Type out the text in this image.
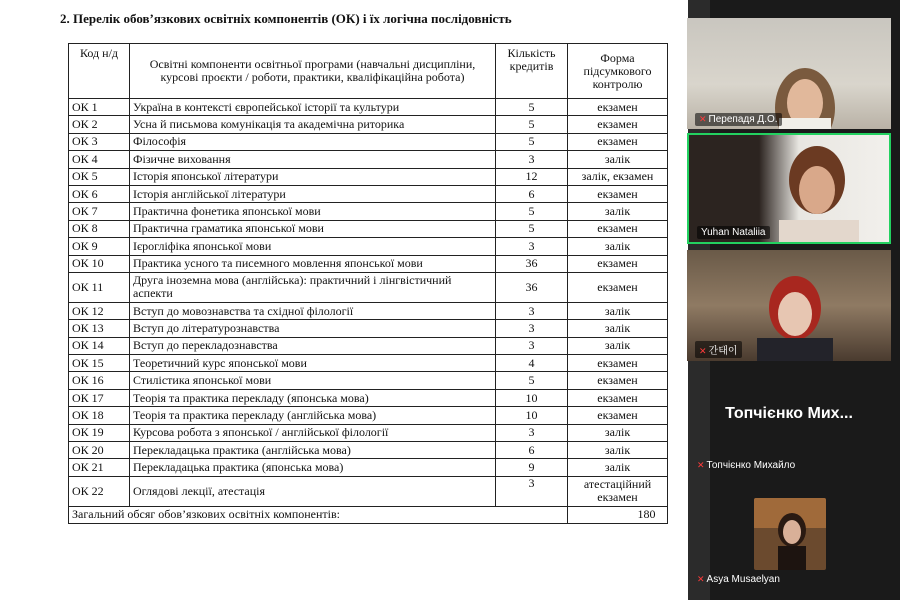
2. Перелік обов’язкових освітніх компонентів (ОК) і їх логічна послідовність
Код н/д	Освітні компоненти освітньої програми (навчальні дисципліни, курсові проєкти / роботи, практики, кваліфікаційна робота)	Кількість кредитів	Форма підсумкового контролю
ОК 1	Україна в контексті європейської історії та культури	5	екзамен
ОК 2	Усна й письмова комунікація та академічна риторика	5	екзамен
ОК 3	Філософія	5	екзамен
ОК 4	Фізичне виховання	3	залік
ОК 5	Історія японської літератури	12	залік, екзамен
ОК 6	Історія англійської літератури	6	екзамен
ОК 7	Практична фонетика японської мови	5	залік
ОК 8	Практична граматика японської мови	5	екзамен
ОК 9	Ієрогліфіка японської мови	3	залік
ОК 10	Практика усного та писемного мовлення японської мови	36	екзамен
ОК 11	Друга іноземна мова (англійська): практичний і лінгвістичний аспекти	36	екзамен
ОК 12	Вступ до мовознавства та східної філології	3	залік
ОК 13	Вступ до літературознавства	3	залік
ОК 14	Вступ до перекладознавства	3	залік
ОК 15	Теоретичний курс японської мови	4	екзамен
ОК 16	Стилістика японської мови	5	екзамен
ОК 17	Теорія та практика перекладу (японська мова)	10	екзамен
ОК 18	Теорія та практика перекладу (англійська мова)	10	екзамен
ОК 19	Курсова робота з японської / англійської філології	3	залік
ОК 20	Перекладацька практика (англійська мова)	6	залік
ОК 21	Перекладацька практика (японська мова)	9	залік
ОК 22	Оглядові лекції, атестація	3	атестаційний екзамен
Загальний обсяг обов’язкових освітніх компонентів: 180			

✕ Перепадя Д.О.
Yuhan Nataliia
✕ 간태이
Топчієнко Мих...
✕ Топчієнко Михайло
✕ Asya Musaelyan
